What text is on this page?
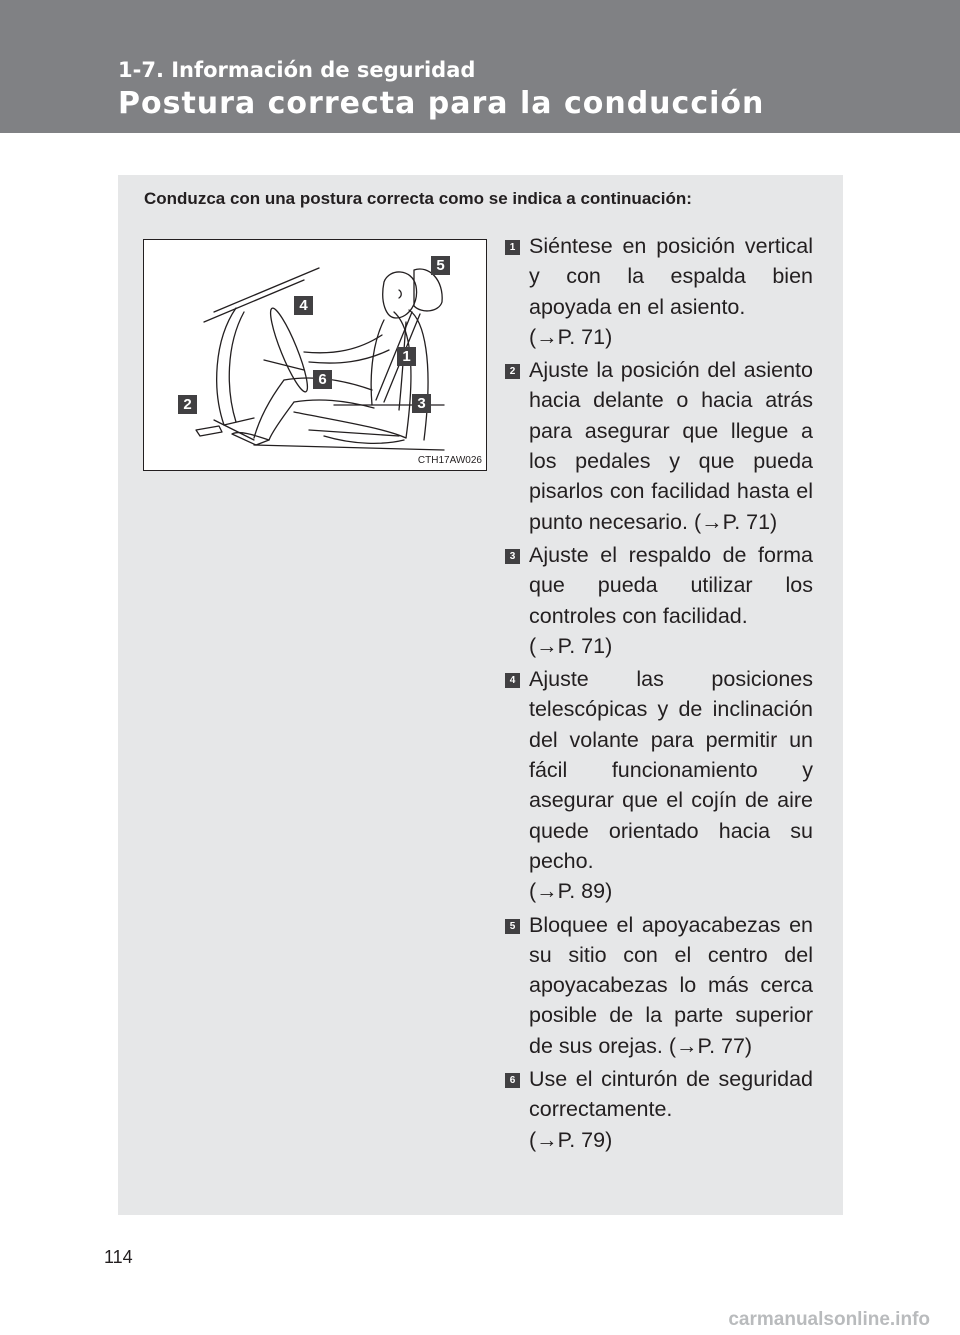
1-7. Información de seguridad
Postura correcta para la conducción
Conduzca con una postura correcta como se indica a continuación:
5
4
1
6
2	3
CTH17AW026
1 Siéntese en posición vertical y con la espalda bien apoyada en el asiento.
(→P. 71)
2 Ajuste la posición del asiento hacia delante o hacia atrás para asegurar que llegue a los pedales y que pueda pisarlos con facilidad hasta el punto necesario. (→P. 71)
3 Ajuste el respaldo de forma que pueda utilizar los controles con facilidad.
(→P. 71)
4 Ajuste las posiciones telescópicas y de inclinación del volante para permitir un fácil funcionamiento y asegurar que el cojín de aire quede orientado hacia su pecho.
(→P. 89)
5 Bloquee el apoyacabezas en su sitio con el centro del apoyacabezas lo más cerca posible de la parte superior de sus orejas. (→P. 77)
6 Use el cinturón de seguridad correctamente.
(→P. 79)
114
carmanualsonline.info
